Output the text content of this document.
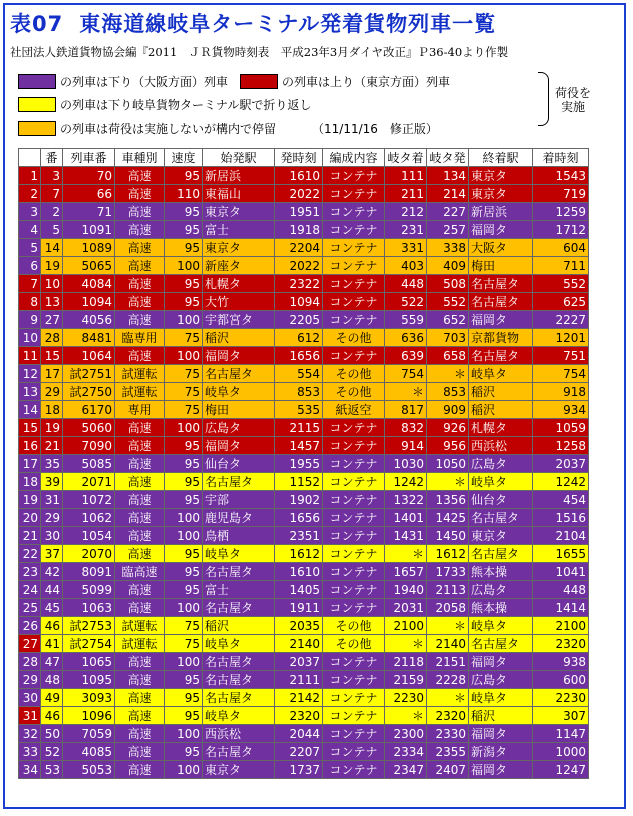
表07 東海道線岐阜ターミナル発着貨物列車一覧
社団法人鉄道貨物協会編『2011　ＪＲ貨物時刻表　平成23年3月ダイヤ改正』Ｐ36-40より作製
の列車は下り（大阪方面）列車	の列車は上り（東京方面）列車
の列車は下り岐阜貨物ターミナル駅で折り返し
の列車は荷役は実施しないが構内で停留	（11/11/16　修正版）
荷役を
実施
	番	列車番	車種別	速度	始発駅	発時刻	編成内容	岐タ着	岐タ発	終着駅	着時刻
1	3	70	高速	95	新居浜	1610	コンテナ	111	134	東京タ	1543
2	7	66	高速	110	東福山	2022	コンテナ	211	214	東京タ	719
3	2	71	高速	95	東京タ	1951	コンテナ	212	227	新居浜	1259
4	5	1091	高速	95	富士	1918	コンテナ	231	257	福岡タ	1712
5	14	1089	高速	95	東京タ	2204	コンテナ	331	338	大阪タ	604
6	19	5065	高速	100	新座タ	2022	コンテナ	403	409	梅田	711
7	10	4084	高速	95	札幌タ	2322	コンテナ	448	508	名古屋タ	552
8	13	1094	高速	95	大竹	1094	コンテナ	522	552	名古屋タ	625
9	27	4056	高速	100	宇都宮タ	2205	コンテナ	559	652	福岡タ	2227
10	28	8481	臨専用	75	稲沢	612	その他	636	703	京都貨物	1201
11	15	1064	高速	100	福岡タ	1656	コンテナ	639	658	名古屋タ	751
12	17	試2751	試運転	75	名古屋タ	554	その他	754	＊	岐阜タ	754
13	29	試2750	試運転	75	岐阜タ	853	その他	＊	853	稲沢	918
14	18	6170	専用	75	梅田	535	紙返空	817	909	稲沢	934
15	19	5060	高速	100	広島タ	2115	コンテナ	832	926	札幌タ	1059
16	21	7090	高速	95	福岡タ	1457	コンテナ	914	956	西浜松	1258
17	35	5085	高速	95	仙台タ	1955	コンテナ	1030	1050	広島タ	2037
18	39	2071	高速	95	名古屋タ	1152	コンテナ	1242	＊	岐阜タ	1242
19	31	1072	高速	95	宇部	1902	コンテナ	1322	1356	仙台タ	454
20	29	1062	高速	100	鹿児島タ	1656	コンテナ	1401	1425	名古屋タ	1516
21	30	1054	高速	100	鳥栖	2351	コンテナ	1431	1450	東京タ	2104
22	37	2070	高速	95	岐阜タ	1612	コンテナ	＊	1612	名古屋タ	1655
23	42	8091	臨高速	95	名古屋タ	1610	コンテナ	1657	1733	熊本操	1041
24	44	5099	高速	95	富士	1405	コンテナ	1940	2113	広島タ	448
25	45	1063	高速	100	名古屋タ	1911	コンテナ	2031	2058	熊本操	1414
26	46	試2753	試運転	75	稲沢	2035	その他	2100	＊	岐阜タ	2100
27	41	試2754	試運転	75	岐阜タ	2140	その他	＊	2140	名古屋タ	2320
28	47	1065	高速	100	名古屋タ	2037	コンテナ	2118	2151	福岡タ	938
29	48	1095	高速	95	名古屋タ	2111	コンテナ	2159	2228	広島タ	600
30	49	3093	高速	95	名古屋タ	2142	コンテナ	2230	＊	岐阜タ	2230
31	46	1096	高速	95	岐阜タ	2320	コンテナ	＊	2320	稲沢	307
32	50	7059	高速	100	西浜松	2044	コンテナ	2300	2330	福岡タ	1147
33	52	4085	高速	95	名古屋タ	2207	コンテナ	2334	2355	新潟タ	1000
34	53	5053	高速	100	東京タ	1737	コンテナ	2347	2407	福岡タ	1247
